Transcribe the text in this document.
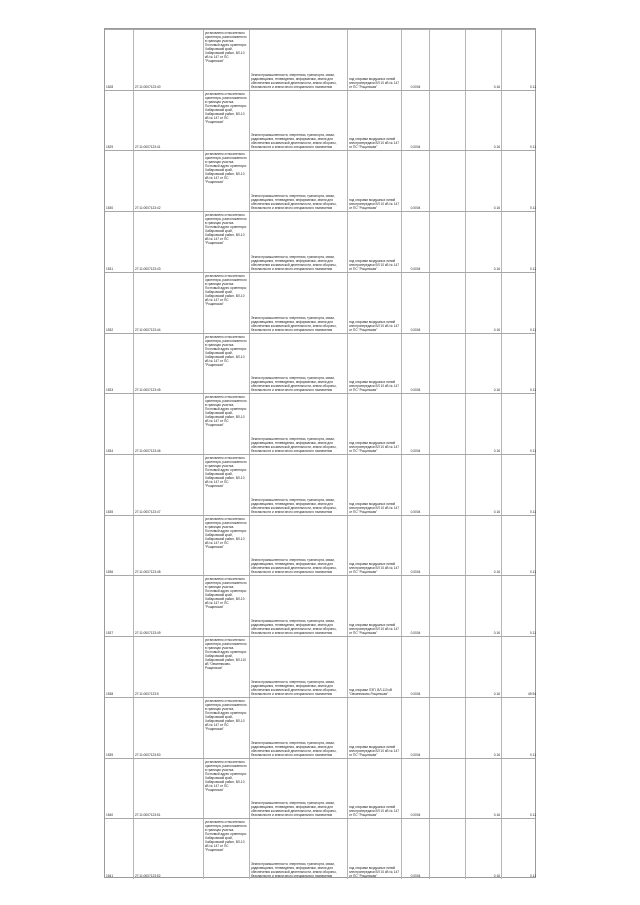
1528	27:11:0007123:40
установлено относительно ориентира, расположенного в границах участка. Почтовый адрес ориентира: Хабаровский край, Хабаровский район, ВЛ-10 кВ № 147 от ПС "Рощинская"
Земли промышленности, энергетики, транспорта, связи, радиовещания, телевидения, информатики, земли для обеспечения космической деятельности, земли обороны, безопасности и земли иного специального назначения
под опорами воздушных линий электропередачи ВЛ 10 кВ № 147 от ПС "Рощинская"	0.0004	0.16	0.11
1529	27:11:0007123:41
установлено относительно ориентира, расположенного в границах участка. Почтовый адрес ориентира: Хабаровский край, Хабаровский район, ВЛ-10 кВ № 147 от ПС "Рощинская"
Земли промышленности, энергетики, транспорта, связи, радиовещания, телевидения, информатики, земли для обеспечения космической деятельности, земли обороны, безопасности и земли иного специального назначения
под опорами воздушных линий электропередачи ВЛ 10 кВ № 147 от ПС "Рощинская"	0.0004	0.16	0.11
1530	27:11:0007123:42
установлено относительно ориентира, расположенного в границах участка. Почтовый адрес ориентира: Хабаровский край, Хабаровский район, ВЛ-10 кВ № 147 от ПС "Рощинская"
Земли промышленности, энергетики, транспорта, связи, радиовещания, телевидения, информатики, земли для обеспечения космической деятельности, земли обороны, безопасности и земли иного специального назначения
под опорами воздушных линий электропередачи ВЛ 10 кВ № 147 от ПС "Рощинская"	0.0004	0.16	0.11
1531	27:11:0007123:43
установлено относительно ориентира, расположенного в границах участка. Почтовый адрес ориентира: Хабаровский край, Хабаровский район, ВЛ-10 кВ № 147 от ПС "Рощинская"
Земли промышленности, энергетики, транспорта, связи, радиовещания, телевидения, информатики, земли для обеспечения космической деятельности, земли обороны, безопасности и земли иного специального назначения
под опорами воздушных линий электропередачи ВЛ 10 кВ № 147 от ПС "Рощинская"	0.0004	0.16	0.11
1532	27:11:0007123:44
установлено относительно ориентира, расположенного в границах участка. Почтовый адрес ориентира: Хабаровский край, Хабаровский район, ВЛ-10 кВ № 147 от ПС "Рощинская"
Земли промышленности, энергетики, транспорта, связи, радиовещания, телевидения, информатики, земли для обеспечения космической деятельности, земли обороны, безопасности и земли иного специального назначения
под опорами воздушных линий электропередачи ВЛ 10 кВ № 147 от ПС "Рощинская"	0.0004	0.16	0.11
1533	27:11:0007123:45
установлено относительно ориентира, расположенного в границах участка. Почтовый адрес ориентира: Хабаровский край, Хабаровский район, ВЛ-10 кВ № 147 от ПС "Рощинская"
Земли промышленности, энергетики, транспорта, связи, радиовещания, телевидения, информатики, земли для обеспечения космической деятельности, земли обороны, безопасности и земли иного специального назначения
под опорами воздушных линий электропередачи ВЛ 10 кВ № 147 от ПС "Рощинская"	0.0004	0.16	0.11
1534	27:11:0007123:46
установлено относительно ориентира, расположенного в границах участка. Почтовый адрес ориентира: Хабаровский край, Хабаровский район, ВЛ-10 кВ № 147 от ПС "Рощинская"
Земли промышленности, энергетики, транспорта, связи, радиовещания, телевидения, информатики, земли для обеспечения космической деятельности, земли обороны, безопасности и земли иного специального назначения
под опорами воздушных линий электропередачи ВЛ 10 кВ № 147 от ПС "Рощинская"	0.0004	0.16	0.11
1535	27:11:0007123:47
установлено относительно ориентира, расположенного в границах участка. Почтовый адрес ориентира: Хабаровский край, Хабаровский район, ВЛ-10 кВ № 147 от ПС "Рощинская"
Земли промышленности, энергетики, транспорта, связи, радиовещания, телевидения, информатики, земли для обеспечения космической деятельности, земли обороны, безопасности и земли иного специального назначения
под опорами воздушных линий электропередачи ВЛ 10 кВ № 147 от ПС "Рощинская"	0.0004	0.16	0.11
1536	27:11:0007123:48
установлено относительно ориентира, расположенного в границах участка. Почтовый адрес ориентира: Хабаровский край, Хабаровский район, ВЛ-10 кВ № 147 от ПС "Рощинская"
Земли промышленности, энергетики, транспорта, связи, радиовещания, телевидения, информатики, земли для обеспечения космической деятельности, земли обороны, безопасности и земли иного специального назначения
под опорами воздушных линий электропередачи ВЛ 10 кВ № 147 от ПС "Рощинская"	0.0004	0.16	0.11
1537	27:11:0007123:49
установлено относительно ориентира, расположенного в границах участка. Почтовый адрес ориентира: Хабаровский край, Хабаровский район, ВЛ-10 кВ № 147 от ПС "Рощинская"
Земли промышленности, энергетики, транспорта, связи, радиовещания, телевидения, информатики, земли для обеспечения космической деятельности, земли обороны, безопасности и земли иного специального назначения
под опорами воздушных линий электропередачи ВЛ 10 кВ № 147 от ПС "Рощинская"	0.0004	0.16	0.11
1538	27:11:0007123:5
установлено относительно ориентира, расположенного в границах участка. Почтовый адрес ориентира: Хабаровский край, Хабаровский район, ВЛ-110 кВ "Овчинниково-Рощинская"
Земли промышленности, энергетики, транспорта, связи, радиовещания, телевидения, информатики, земли для обеспечения космической деятельности, земли обороны, безопасности и земли иного специального назначения
под опорами ЛЭП, ВЛ-110 кВ "Овчинниково-Рощинская"	0.0004	0.16	49.94
1539	27:11:0007123:50
установлено относительно ориентира, расположенного в границах участка. Почтовый адрес ориентира: Хабаровский край, Хабаровский район, ВЛ-10 кВ № 147 от ПС "Рощинская"
Земли промышленности, энергетики, транспорта, связи, радиовещания, телевидения, информатики, земли для обеспечения космической деятельности, земли обороны, безопасности и земли иного специального назначения
под опорами воздушных линий электропередачи ВЛ 10 кВ № 147 от ПС "Рощинская"	0.0004	0.16	0.11
1540	27:11:0007123:51
установлено относительно ориентира, расположенного в границах участка. Почтовый адрес ориентира: Хабаровский край, Хабаровский район, ВЛ-10 кВ № 147 от ПС "Рощинская"
Земли промышленности, энергетики, транспорта, связи, радиовещания, телевидения, информатики, земли для обеспечения космической деятельности, земли обороны, безопасности и земли иного специального назначения
под опорами воздушных линий электропередачи ВЛ 10 кВ № 147 от ПС "Рощинская"	0.0004	0.16	0.11
1541	27:11:0007123:52
установлено относительно ориентира, расположенного в границах участка. Почтовый адрес ориентира: Хабаровский край, Хабаровский район, ВЛ-10 кВ № 147 от ПС "Рощинская"
Земли промышленности, энергетики, транспорта, связи, радиовещания, телевидения, информатики, земли для обеспечения космической деятельности, земли обороны, безопасности и земли иного специального назначения
под опорами воздушных линий электропередачи ВЛ 10 кВ № 147 от ПС "Рощинская"	0.0004	0.16	0.11
